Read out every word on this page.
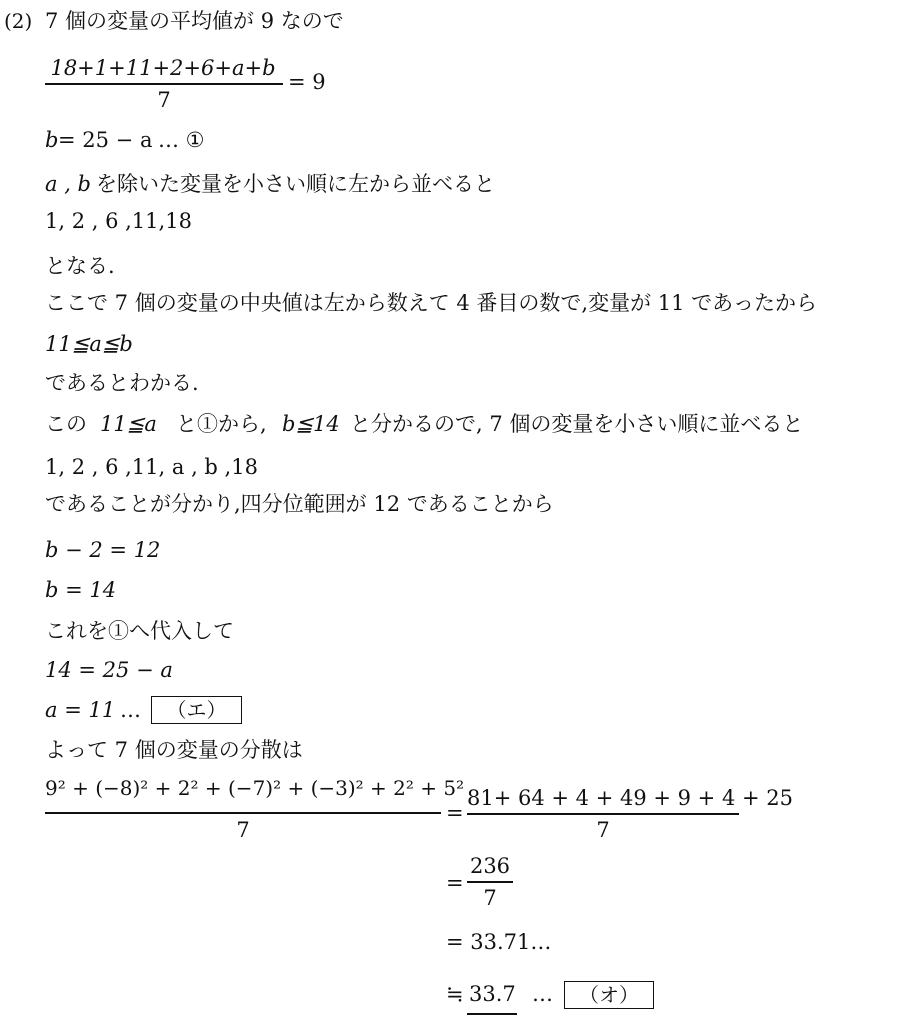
(2) 7 個の変量の平均値が 9 なので
18+1+11+2+6+a+b
7
= 9
b = 25 − a … ①
a , b を除いた変量を小さい順に左から並べると
1, 2 , 6 ,11,18
となる.
ここで 7 個の変量の中央値は左から数えて 4 番目の数で,変量が 11 であったから
11≦a≦b
であるとわかる.
この 11≦a と①から, b≦14 と分かるので, 7 個の変量を小さい順に並べると
1, 2 , 6 ,11, a , b ,18
であることが分かり,四分位範囲が 12 であることから
b − 2 = 12
b = 14
これを①へ代入して
14 = 25 − a
a = 11 …	（エ）
よって 7 個の変量の分散は
9² + (−8)² + 2² + (−7)² + (−3)² + 2² + 5²
7
=
81+ 64 + 4 + 49 + 9 + 4 + 25
7
=
236
7
= 33.71…
≒ 33.7 …	（オ）
